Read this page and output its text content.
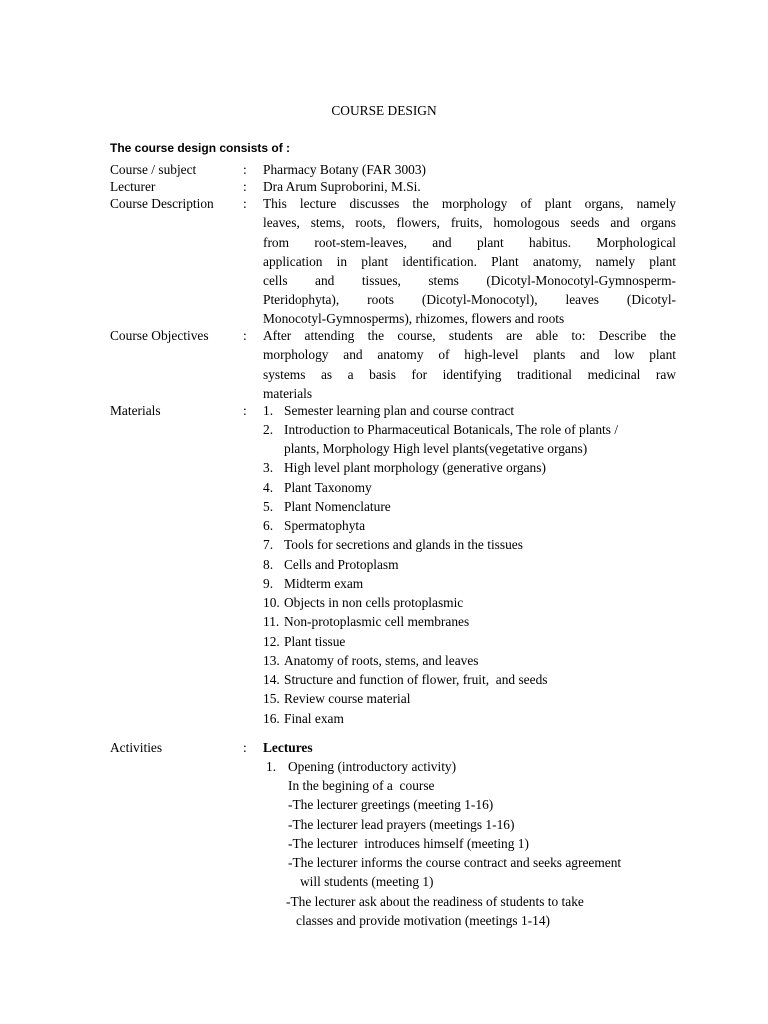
COURSE DESIGN
The course design consists of :
Course / subject	: Pharmacy Botany (FAR 3003)
Lecturer	: Dra Arum Suproborini, M.Si.
Course Description : This lecture discusses the morphology of plant organs, namely
leaves, stems, roots, flowers, fruits, homologous seeds and organs
from root-stem-leaves, and plant habitus. Morphological
application in plant identification. Plant anatomy, namely plant
cells and tissues, stems (Dicotyl-Monocotyl-Gymnosperm-
Pteridophyta), roots (Dicotyl-Monocotyl), leaves (Dicotyl-
Monocotyl-Gymnosperms), rhizomes, flowers and roots
Course Objectives	: After attending the course, students are able to: Describe the
morphology and anatomy of high-level plants and low plant
systems as a basis for identifying traditional medicinal raw
materials
Materials	: 1. Semester learning plan and course contract
2. Introduction to Pharmaceutical Botanicals, The role of plants /
plants, Morphology High level plants(vegetative organs)
3. High level plant morphology (generative organs)
4. Plant Taxonomy
5. Plant Nomenclature
6. Spermatophyta
7. Tools for secretions and glands in the tissues
8. Cells and Protoplasm
9. Midterm exam
10. Objects in non cells protoplasmic
11. Non-protoplasmic cell membranes
12. Plant tissue
13. Anatomy of roots, stems, and leaves
14. Structure and function of flower, fruit,  and seeds
15. Review course material
16. Final exam
Activities	: Lectures
1. Opening (introductory activity)
In the begining of a  course
-The lecturer greetings (meeting 1-16)
-The lecturer lead prayers (meetings 1-16)
-The lecturer  introduces himself (meeting 1)
-The lecturer informs the course contract and seeks agreement
will students (meeting 1)
-The lecturer ask about the readiness of students to take
classes and provide motivation (meetings 1-14)
